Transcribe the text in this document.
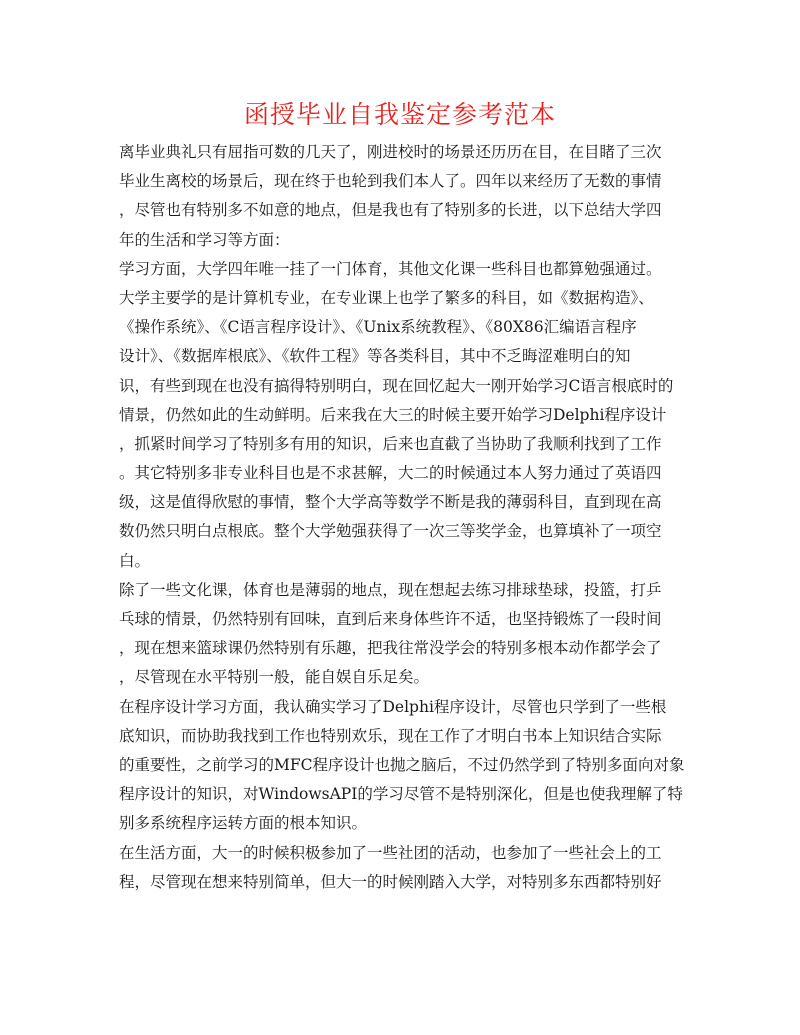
函授毕业自我鉴定参考范本
离毕业典礼只有屈指可数的几天了，刚进校时的场景还历历在目，在目睹了三次
毕业生离校的场景后，现在终于也轮到我们本人了。四年以来经历了无数的事情
，尽管也有特别多不如意的地点，但是我也有了特别多的长进，以下总结大学四
年的生活和学习等方面：
学习方面，大学四年唯一挂了一门体育，其他文化课一些科目也都算勉强通过。
大学主要学的是计算机专业，在专业课上也学了繁多的科目，如《数据构造》、
《操作系统》、《C语言程序设计》、《Unix系统教程》、《80X86汇编语言程序
设计》、《数据库根底》、《软件工程》等各类科目，其中不乏晦涩难明白的知
识，有些到现在也没有搞得特别明白，现在回忆起大一刚开始学习C语言根底时的
情景，仍然如此的生动鲜明。后来我在大三的时候主要开始学习Delphi程序设计
，抓紧时间学习了特别多有用的知识，后来也直截了当协助了我顺利找到了工作
。其它特别多非专业科目也是不求甚解，大二的时候通过本人努力通过了英语四
级，这是值得欣慰的事情，整个大学高等数学不断是我的薄弱科目，直到现在高
数仍然只明白点根底。整个大学勉强获得了一次三等奖学金，也算填补了一项空
白。
除了一些文化课，体育也是薄弱的地点，现在想起去练习排球垫球，投篮，打乒
乓球的情景，仍然特别有回味，直到后来身体些许不适，也坚持锻炼了一段时间
，现在想来篮球课仍然特别有乐趣，把我往常没学会的特别多根本动作都学会了
，尽管现在水平特别一般，能自娱自乐足矣。
在程序设计学习方面，我认确实学习了Delphi程序设计，尽管也只学到了一些根
底知识，而协助我找到工作也特别欢乐，现在工作了才明白书本上知识结合实际
的重要性，之前学习的MFC程序设计也抛之脑后，不过仍然学到了特别多面向对象
程序设计的知识，对WindowsAPI的学习尽管不是特别深化，但是也使我理解了特
别多系统程序运转方面的根本知识。
在生活方面，大一的时候积极参加了一些社团的活动，也参加了一些社会上的工
程，尽管现在想来特别简单，但大一的时候刚踏入大学，对特别多东西都特别好
